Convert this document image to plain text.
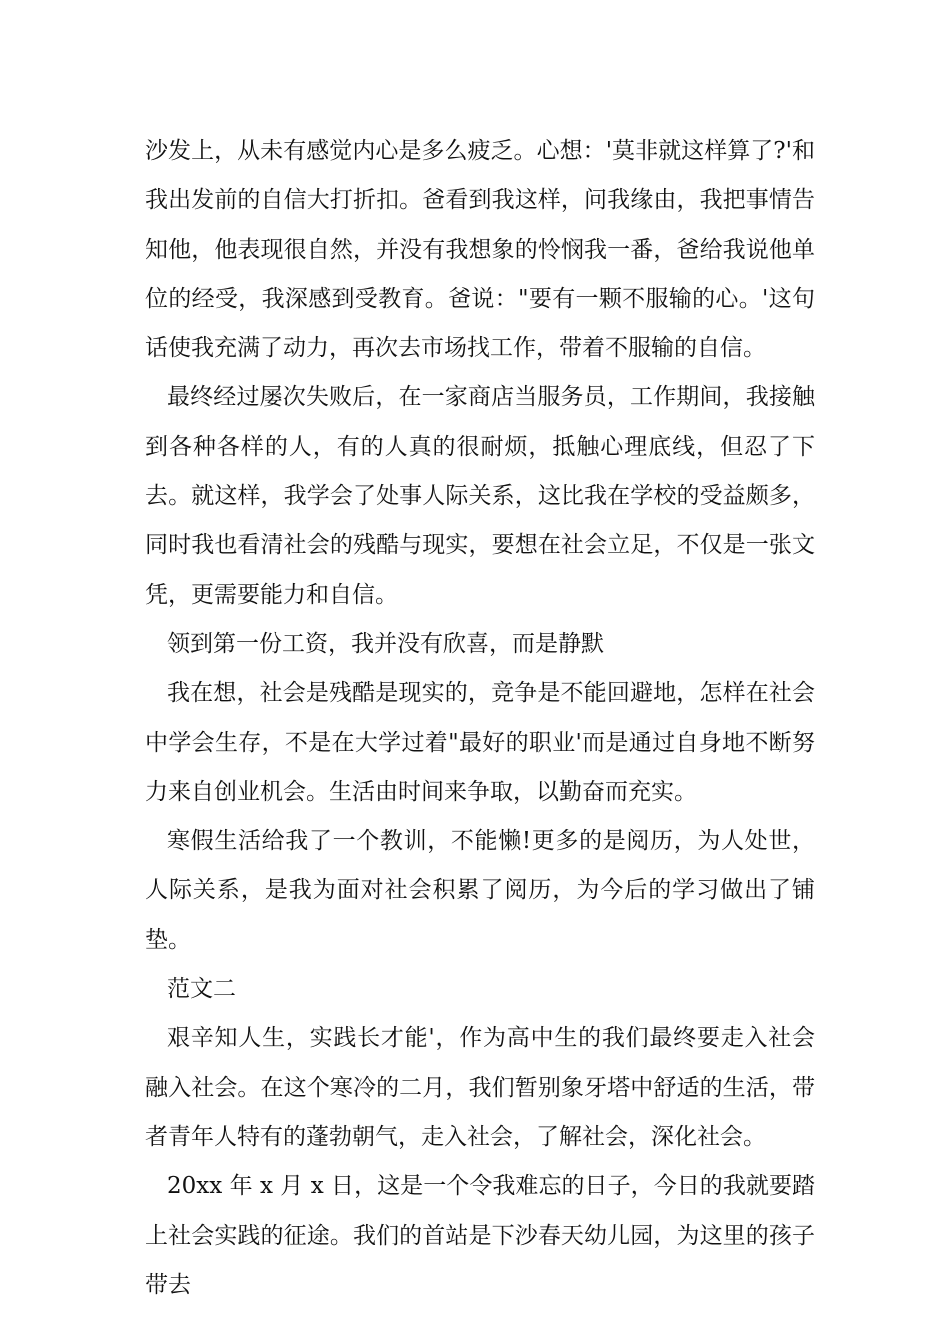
沙发上，从未有感觉内心是多么疲乏。心想：'莫非就这样算了?'和我出发前的自信大打折扣。爸看到我这样，问我缘由，我把事情告知他，他表现很自然，并没有我想象的怜悯我一番，爸给我说他单位的经受，我深感到受教育。爸说："要有一颗不服输的心。'这句话使我充满了动力，再次去市场找工作，带着不服输的自信。

最终经过屡次失败后，在一家商店当服务员，工作期间，我接触到各种各样的人，有的人真的很耐烦，抵触心理底线，但忍了下去。就这样，我学会了处事人际关系，这比我在学校的受益颇多，同时我也看清社会的残酷与现实，要想在社会立足，不仅是一张文凭，更需要能力和自信。

领到第一份工资，我并没有欣喜，而是静默

我在想，社会是残酷是现实的，竞争是不能回避地，怎样在社会中学会生存，不是在大学过着"最好的职业'而是通过自身地不断努力来自创业机会。生活由时间来争取，以勤奋而充实。

寒假生活给我了一个教训，不能懒!更多的是阅历，为人处世，人际关系，是我为面对社会积累了阅历，为今后的学习做出了铺垫。

范文二

艰辛知人生，实践长才能'，作为高中生的我们最终要走入社会融入社会。在这个寒冷的二月，我们暂别象牙塔中舒适的生活，带者青年人特有的蓬勃朝气，走入社会，了解社会，深化社会。

20xx 年 x 月 x 日，这是一个令我难忘的日子，今日的我就要踏上社会实践的征途。我们的首站是下沙春天幼儿园，为这里的孩子带去
